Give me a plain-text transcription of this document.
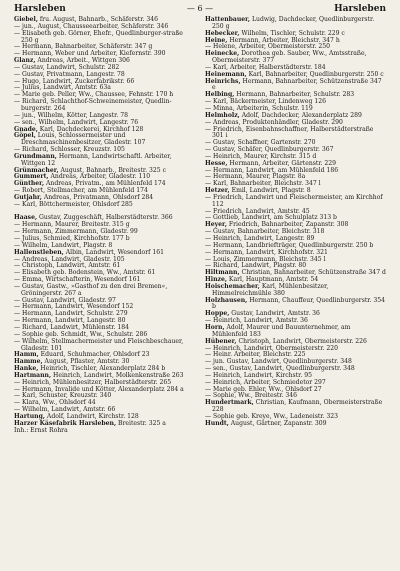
Harsleben	— 6 —	Harsleben
Giebel, fru. August, Bahnarb., Schäferstr. 346
— jun., August, Chausseearbeiter, Schäferstr. 346
— Elisabeth geb. Görner, Ehefr., Quedlinburger-straße 250 g
— Hermann, Bahnarbeiter, Schäferstr. 347 g
— Hermann, Weber und Arbeiter, Kiefernstr. 390
Glanz, Andreas, Arbeit., Wittgen 306
— Gustav, Landwirt, Schulstr. 282
— Gustav, Privatmann, Langestr. 78
— Hugo, Landwirt, Zuckerfabrikstr. 66
— Julius, Landwirt, Amtstr. 63a
— Marie geb. Peller, Ww., Chaussee, Fehnstr. 170 h
— Richard, Schlachthof-Schweinemeister, Quedlin-burgerstr. 264
— jun., Wilhelm, Kötter, Langestr. 78
— sen., Wilhelm, Landwirt, Langestr. 76
Gnade, Karl, Dachdeckerei, Kirchhof 128
Göpel, Louis, Schlossermeister und Dreschmaschinenbesitzer, Gladestr. 107
— Richard, Schlosser, Kreuzstr. 105
Grundmann, Hermann, Landwirtschaftl. Arbeiter, Wittgen 12
Grünmacher, August, Bahnarb., Breitestr. 325 c
Gummert, Andreas, Arbeiter, Gladestr. 110
Günther, Andreas, Privatm., am Mühlenfeld 174
— Robert, Stellmacher, am Mühlenfeld 174
Gutjahr, Andreas, Privatmann, Ohlsdorf 284
— Karl, Böttchermeister, Ohlsdorf 285

Haase, Gustav, Zuggeschäft, Halberstädterstr. 366
— Hermann, Maurer, Breitestr. 315 g
— Hermann, Zimmermann, Gladestr. 99
— Julius, Schmied, Kirchhofstr. 177 b
— Wilhelm, Landwirt, Plagstr. 8
Hallenstleben, Albin, Landwirt, Wesendorf 161
— Andreas, Landwirt, Gladestr. 105
— Christoph, Landwirt, Amtstr. 61
— Elisabeth geb. Bodenstein, Ww., Amtstr. 61
— Emma, Wirtschafterin, Wesendorf 161
— Gustav, Gastw., »Gasthof zu den drei Bremen«, Gröningerstr. 267 a
— Gustav, Landwirt, Gladestr. 97
— Hermann, Landwirt, Wesendorf 152
— Hermann, Landwirt, Schulstr. 279
— Hermann, Landwirt, Langestr. 80
— Richard, Landwirt, Mühlenstr. 184
— Sophie geb. Schmidt, Ww., Schulstr. 286
— Wilhelm, Stellmachermeister und Fleischbeschauer, Gladestr. 101
Hamm, Eduard, Schuhmacher, Ohlsdorf 23
Hamme, August, Pflaster, Amtstr. 30
Hanke, Heinrich, Tischler, Alexanderplatz 284 b
Hartmann, Heinrich, Landwirt, Molkenkenstraße 263
— Heinrich, Mühlenbesitzer, Halberstädterstr. 265
— Hermann, Invalide und Kötter, Alexanderplatz 284 a
— Karl, Schuster, Kreuzstr. 340
— Klara, Ww., Ohlsdorf 44
— Wilhelm, Landwirt, Amtstr. 66
Hartung, Adolf, Landwirt, Kirchstr. 128
Harzer Käsefabrik Harsleben, Breitestr. 325 a
Inh.: Ernst Rohra
Hattenbauer, Ludwig, Dachdecker, Quedlinburgerstr. 250 g
Hebecker, Wilhelm, Tischler, Schulstr. 229 c
Heine, Hermann, Arbeiter, Bleichstr. 347 h
— Helene, Arbeiter, Obermeisterstr. 250
Heinecke, Dorothea geb. Sauber, Ww., Amtsstraße, Obermeisterstr. 377
— Karl, Arbeiter, Halberstädterstr. 184
Heinemann, Karl, Bahnarbeiter, Quedlinburgerstr. 250 c
Heinrichs, Hermann, Bahnarbeiter, Schützenstraße 347 e
Helbing, Hermann, Bahnarbeiter, Schulstr. 283
— Karl, Bäckermeister, Lindenweg 126
— Minna, Arbeiterin, Schulstr. 119
Helmholz, Adolf, Dachdecker, Alexanderplatz 289
— Andreas, Produktenhändler, Gladestr. 290
— Friedrich, Eisenbahnschaffner, Halberstädterstraße 301 i
— Gustav, Schaffner, Gartenstr. 270
— Gustav, Schäfer, Quedlinburgerstr. 367
— Heinrich, Maurer, Kirchstr. 315 d
Hesse, Hermann, Arbeiter, Gärtenstr. 229
— Hermann, Landwirt, am Mühlenfeld 186
— Hermann, Maurer, Plagstr. 8a
— Karl, Bahnarbeiter, Bleichstr. 347 l
Hetzer, Emil, Landwirt, Plagstr. 8
— Friedrich, Landwirt und Fleischermeister, am Kirchhof 112
— Friedrich, Landwirt, Amtstr. 45
— Gottlieb, Landwirt, am Schulplatz 313 b
Heyer, Friedrich, Bahnarbeiter, Zapanstr. 308
— Gustav, Bahnarbeiter, Bleichstr. 318
— Heinrich, Landwirt, Langestr. 89
— Hermann, Landbriefträger, Quedlinburgerstr. 250 b
— Hermann, Landwirt, Kirchhofstr. 321
— Louis, Zimmermann, Bleichstr. 345 l
— Richard, Landwirt, Plagstr. 80
Hiltmann, Christian, Bahnarbeiter, Schützenstraße 347 d
Hinze, Karl, Hauptmann, Amtstr. 54
Hoischemacher, Karl, Mühlenbesitzer, Himmelreichmühle 380
Holzhausen, Hermann, Chauffeur, Quedlinburgerstr. 354 b
Hoppe, Gustav, Landwirt, Amtstr. 36
— Heinrich, Landwirt, Amtstr. 36
Horn, Adolf, Maurer und Bauunternehmer, am Mühlenfeld 183
Hübener, Christoph, Landwirt, Obermeisterstr. 226
— Heinrich, Landwirt, Obermeisterstr. 220
— Heinr. Arbeiter, Bleichstr. 225
— jun. Gustav, Landwirt, Quedlinburgerstr. 348
— sen., Gustav, Landwirt, Quedlinburgerstr. 348
— Heinrich, Landwirt, Kirchstr. 95
— Heinrich, Arbeiter, Schmiedetor 297
— Marie geb. Ehler, Ww., Ohlsdorf 27
— Sophie, Ww., Breitestr. 346
Hundertmark, Christian, Kaufmann, Obermeisterstraße 228
— Sophie geb. Kreye, Ww., Ladeneistr. 323
Hundt, August, Gärtner, Zapanstr. 309
